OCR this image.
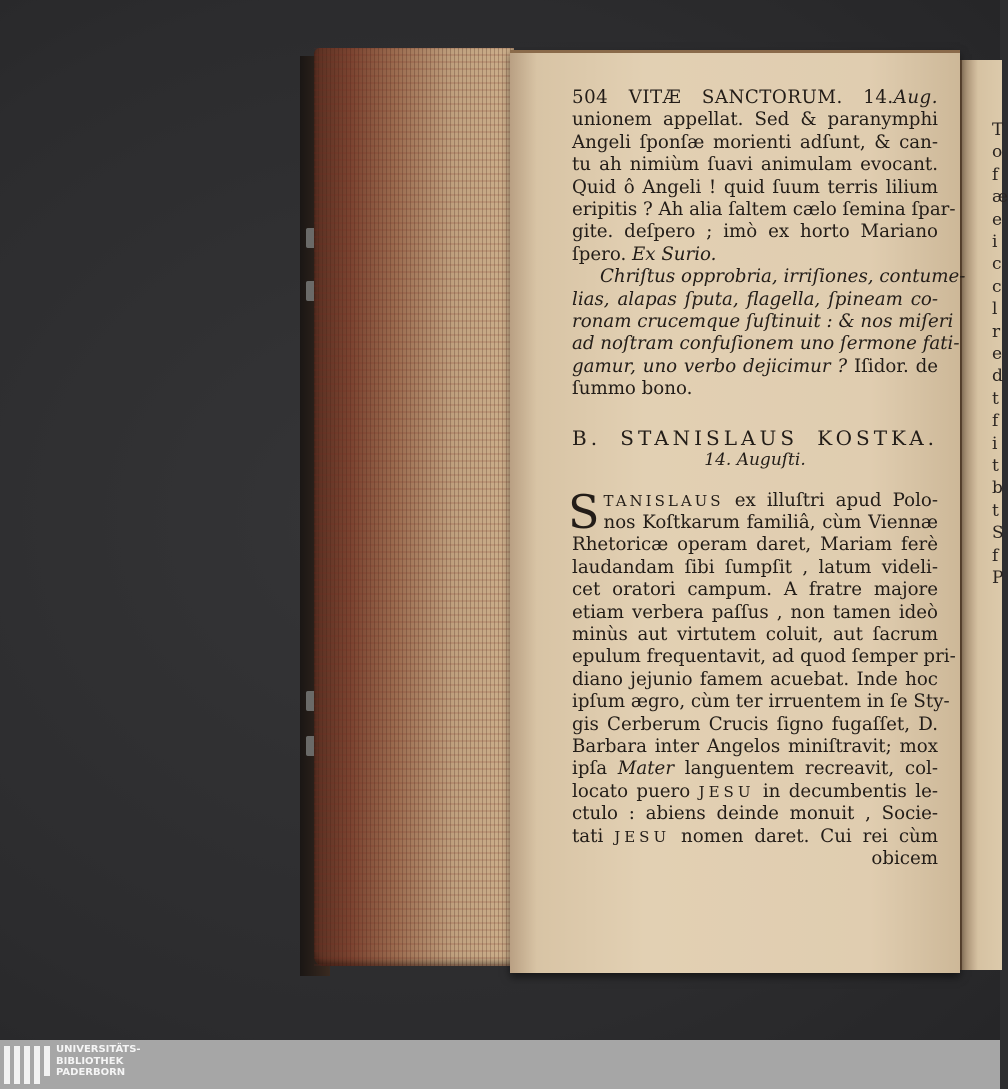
T
o
f
æ
e
i
c
c
l
r
e
d
t
f
i
t
b
t
S
f
P
504 VITÆ SANCTORUM. 14.Aug.
unionem appellat. Sed & paranymphi
Angeli ſponſæ morienti adſunt, & can-
tu ah nimiùm ſuavi animulam evocant.
Quid ô Angeli ! quid ſuum terris lilium
eripitis ? Ah alia ſaltem cælo ſemina ſpar-
gite. deſpero ; imò ex horto Mariano
ſpero. Ex Surio.
Chriſtus opprobria, irriſiones, contume-
lias, alapas ſputa, flagella, ſpineam co-
ronam crucemque ſuſtinuit : & nos miſeri
ad noſtram confuſionem uno ſermone fati-
gamur, uno verbo dejicimur ? Iſidor. de
ſummo bono.
B. STANISLAUS KOSTKA.
14. Auguſti.
S TANISLAUS ex illuſtri apud Polo-
nos Koſtkarum familiâ, cùm Viennæ
Rhetoricæ operam daret, Mariam ferè
laudandam ſibi ſumpſit , latum videli-
cet oratori campum. A fratre majore
etiam verbera paſſus , non tamen ideò
minùs aut virtutem coluit, aut ſacrum
epulum frequentavit, ad quod ſemper pri-
diano jejunio famem acuebat. Inde hoc
ipſum ægro, cùm ter irruentem in ſe Sty-
gis Cerberum Crucis ſigno fugaſſet, D.
Barbara inter Angelos miniſtravit; mox
ipſa Mater languentem recreavit, col-
locato puero JESU in decumbentis le-
ctulo : abiens deinde monuit , Socie-
tati JESU nomen daret. Cui rei cùm
obicem
UNIVERSITÄTS-
BIBLIOTHEK
PADERBORN
